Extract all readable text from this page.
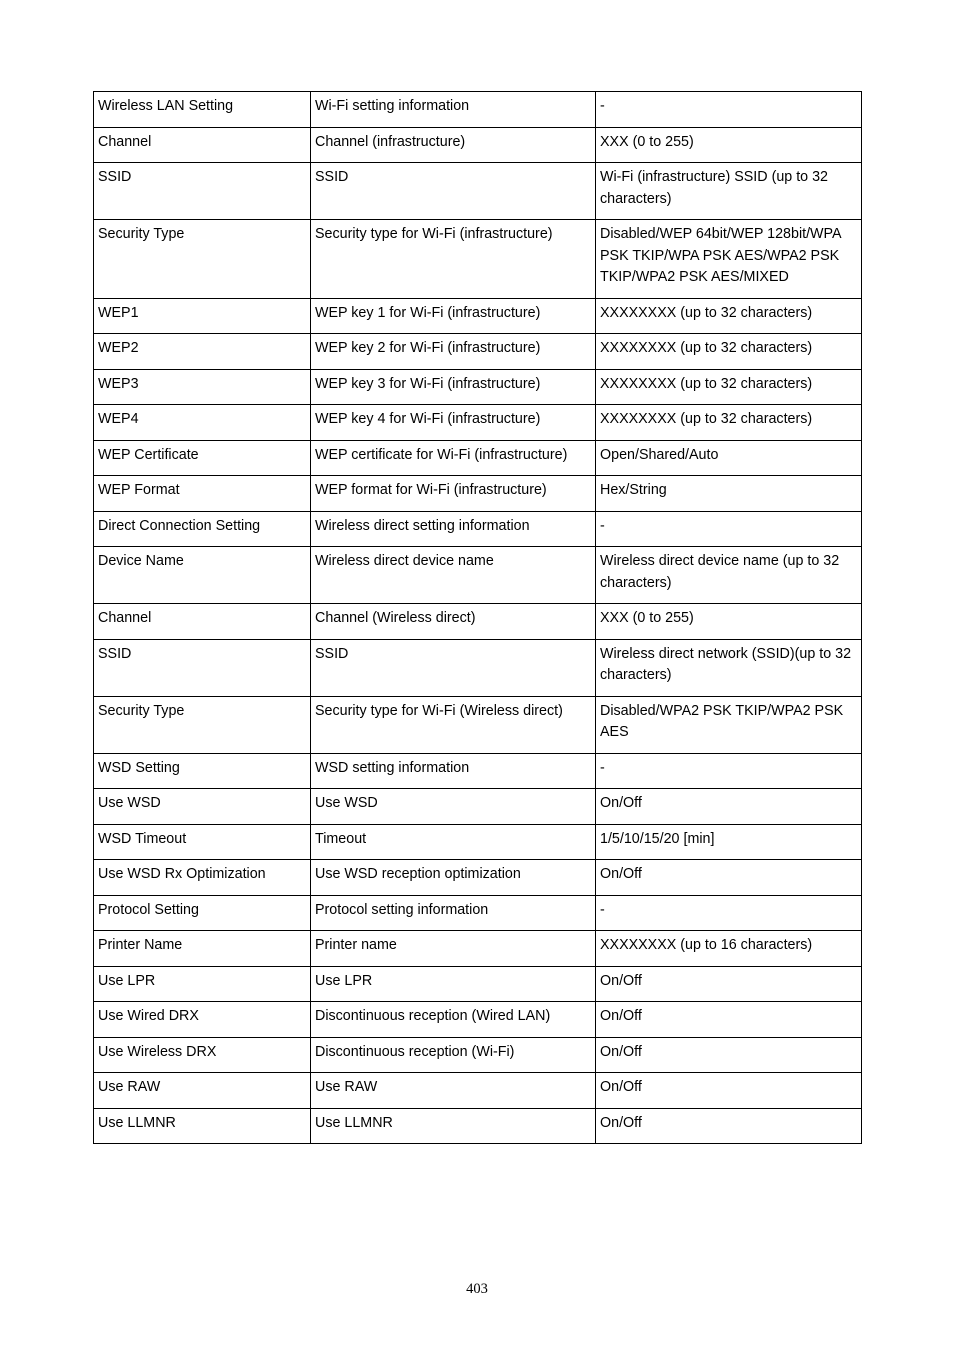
Wireless LAN Setting	Wi-Fi setting information	-
Channel	Channel (infrastructure)	XXX (0 to 255)
SSID	SSID	Wi-Fi (infrastructure) SSID (up to 32 characters)
Security Type	Security type for Wi-Fi (infrastructure)	Disabled/WEP 64bit/WEP 128bit/WPA PSK TKIP/WPA PSK AES/WPA2 PSK TKIP/WPA2 PSK AES/MIXED
WEP1	WEP key 1 for Wi-Fi (infrastructure)	XXXXXXXX (up to 32 characters)
WEP2	WEP key 2 for Wi-Fi (infrastructure)	XXXXXXXX (up to 32 characters)
WEP3	WEP key 3 for Wi-Fi (infrastructure)	XXXXXXXX (up to 32 characters)
WEP4	WEP key 4 for Wi-Fi (infrastructure)	XXXXXXXX (up to 32 characters)
WEP Certificate	WEP certificate for Wi-Fi (infrastructure)	Open/Shared/Auto
WEP Format	WEP format for Wi-Fi (infrastructure)	Hex/String
Direct Connection Setting	Wireless direct setting information	-
Device Name	Wireless direct device name	Wireless direct device name (up to 32 characters)
Channel	Channel (Wireless direct)	XXX (0 to 255)
SSID	SSID	Wireless direct network (SSID)(up to 32 characters)
Security Type	Security type for Wi-Fi (Wireless direct)	Disabled/WPA2 PSK TKIP/WPA2 PSK AES
WSD Setting	WSD setting information	-
Use WSD	Use WSD	On/Off
WSD Timeout	Timeout	1/5/10/15/20 [min]
Use WSD Rx Optimization	Use WSD reception optimization	On/Off
Protocol Setting	Protocol setting information	-
Printer Name	Printer name	XXXXXXXX (up to 16 characters)
Use LPR	Use LPR	On/Off
Use Wired DRX	Discontinuous reception (Wired LAN)	On/Off
Use Wireless DRX	Discontinuous reception (Wi-Fi)	On/Off
Use RAW	Use RAW	On/Off
Use LLMNR	Use LLMNR	On/Off
403
